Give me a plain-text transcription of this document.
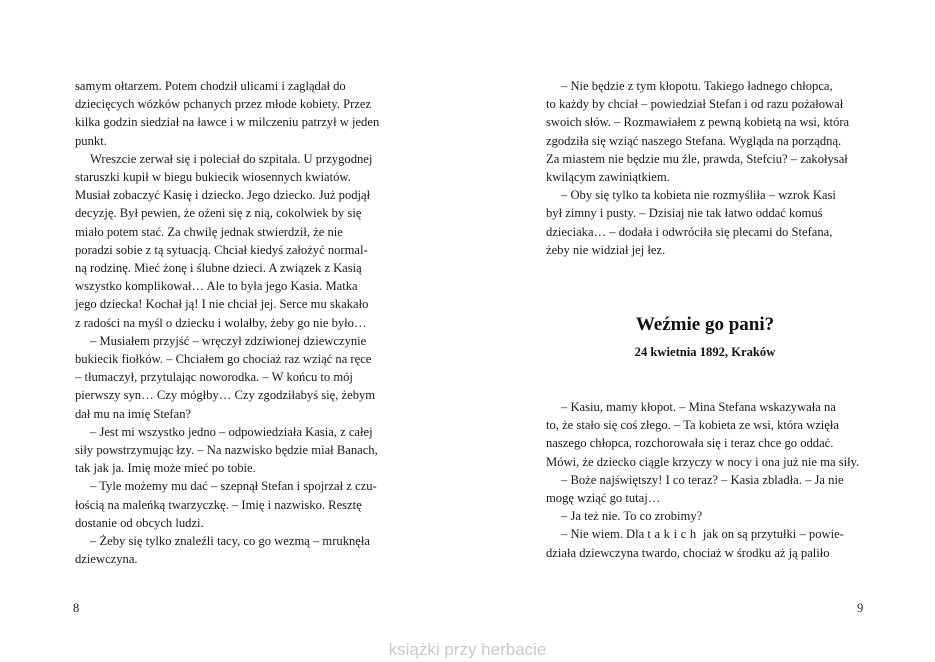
samym ołtarzem. Potem chodził ulicami i zaglądał do

dziecięcych wózków pchanych przez młode kobiety. Przez

kilka godzin siedział na ławce i w milczeniu patrzył w jeden

punkt.

Wreszcie zerwał się i poleciał do szpitala. U przygodnej

staruszki kupił w biegu bukiecik wiosennych kwiatów.

Musiał zobaczyć Kasię i dziecko. Jego dziecko. Już podjął

decyzję. Był pewien, że ożeni się z nią, cokolwiek by się

miało potem stać. Za chwilę jednak stwierdził, że nie

poradzi sobie z tą sytuacją. Chciał kiedyś założyć normal-

ną rodzinę. Mieć żonę i ślubne dzieci. A związek z Kasią

wszystko komplikował… Ale to była jego Kasia. Matka

jego dziecka! Kochał ją! I nie chciał jej. Serce mu skakało

z radości na myśl o dziecku i wolałby, żeby go nie było…

– Musiałem przyjść – wręczył zdziwionej dziewczynie

bukiecik fiołków. – Chciałem go chociaż raz wziąć na ręce

– tłumaczył, przytulając noworodka. – W końcu to mój

pierwszy syn… Czy mógłby… Czy zgodziłabyś się, żebym

dał mu na imię Stefan?

– Jest mi wszystko jedno – odpowiedziała Kasia, z całej

siły powstrzymując łzy. – Na nazwisko będzie miał Banach,

tak jak ja. Imię może mieć po tobie.

– Tyle możemy mu dać – szepnął Stefan i spojrzał z czu-

łością na maleńką twarzyczkę. – Imię i nazwisko. Resztę

dostanie od obcych ludzi.

– Żeby się tylko znaleźli tacy, co go wezmą – mruknęła

dziewczyna.

8

– Nie będzie z tym kłopotu. Takiego ładnego chłopca,

to każdy by chciał – powiedział Stefan i od razu pożałował

swoich słów. – Rozmawiałem z pewną kobietą na wsi, która

zgodziła się wziąć naszego Stefana. Wygląda na porządną.

Za miastem nie będzie mu źle, prawda, Stefciu? – zakołysał

kwilącym zawiniątkiem.

– Oby się tylko ta kobieta nie rozmyśliła – wzrok Kasi

był zimny i pusty. – Dzisiaj nie tak łatwo oddać komuś

dzieciaka… – dodała i odwróciła się plecami do Stefana,

żeby nie widział jej łez.

Weźmie go pani?
24 kwietnia 1892, Kraków

– Kasiu, mamy kłopot. – Mina Stefana wskazywała na

to, że stało się coś złego. – Ta kobieta ze wsi, która wzięła

naszego chłopca, rozchorowała się i teraz chce go oddać.

Mówi, że dziecko ciągle krzyczy w nocy i ona już nie ma siły.

– Boże najświętszy! I co teraz? – Kasia zbladła. – Ja nie

mogę wziąć go tutaj…

– Ja też nie. To co zrobimy?

– Nie wiem. Dla takich jak on są przytułki – powie-

działa dziewczyna twardo, chociaż w środku aż ją paliło

9
książki przy herbacie
